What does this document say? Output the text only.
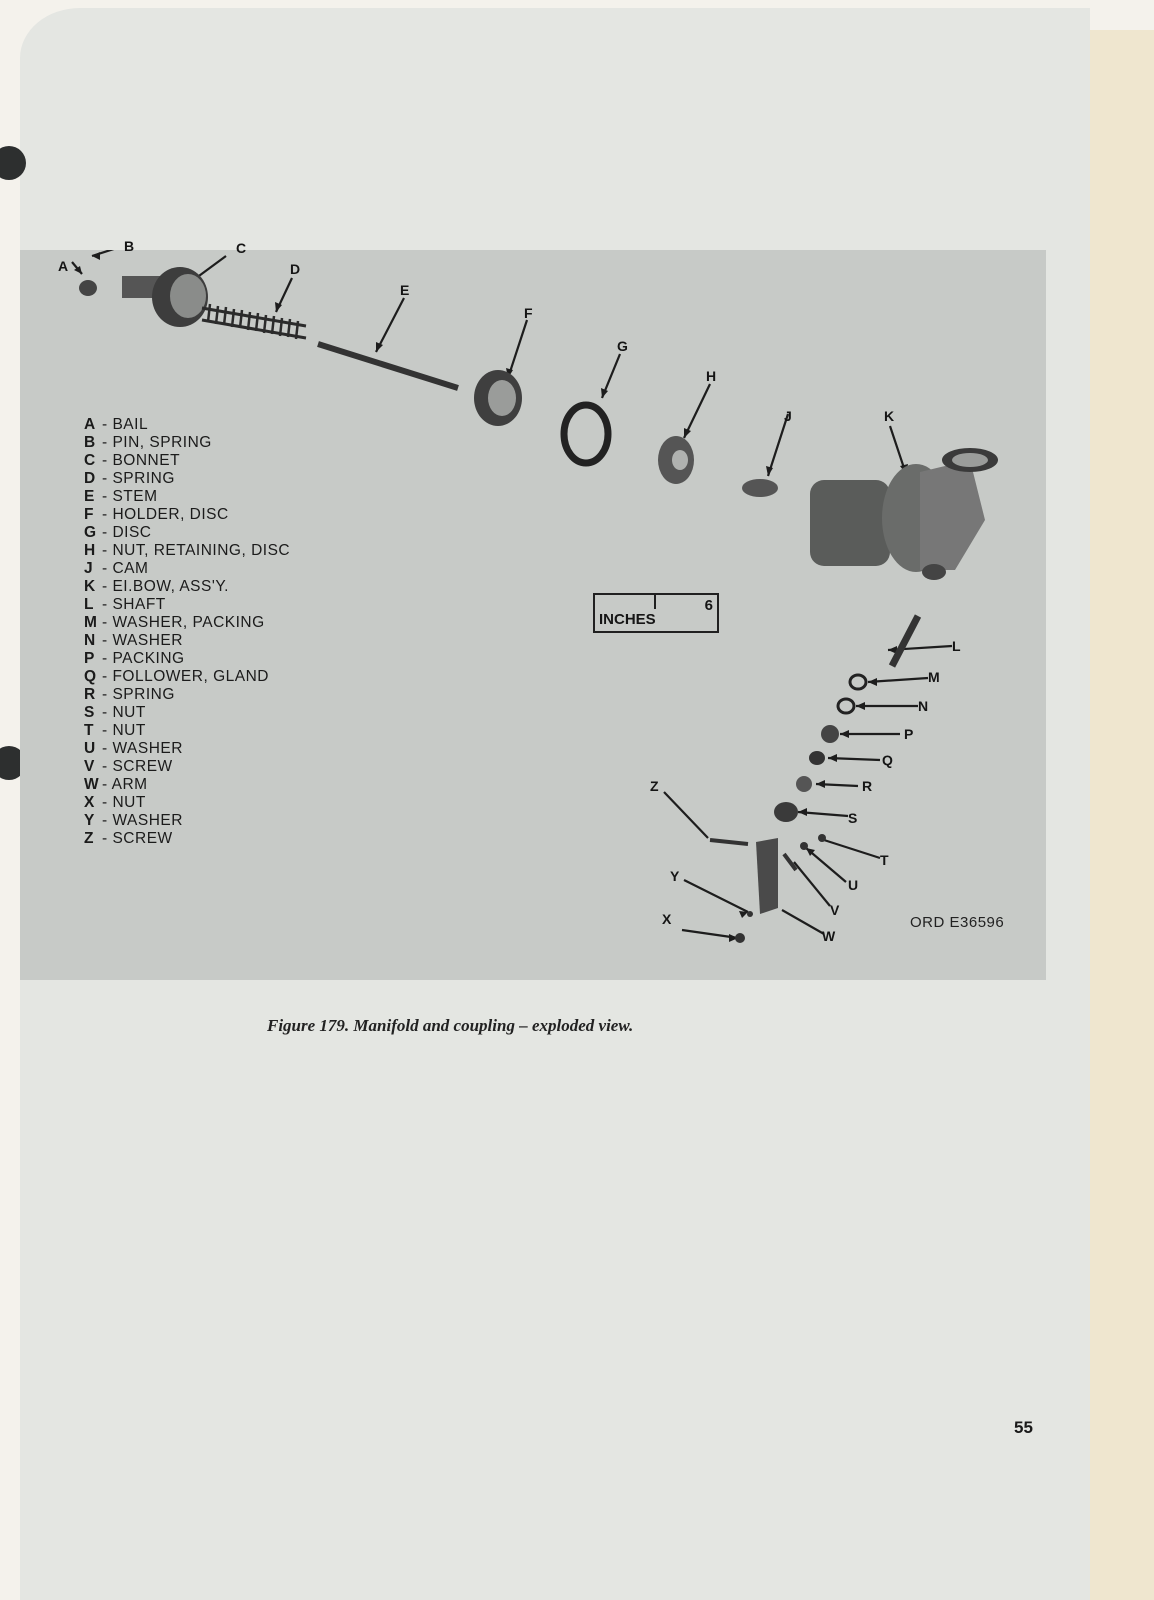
A
B	C
D
E
F
G
H
J	K
L
M
N
P
Q
R
S
T
U
V
W
X
Y
Z
A - BAIL
B - PIN, SPRING
C - BONNET
D - SPRING
E - STEM
F - HOLDER, DISC
G - DISC
H - NUT, RETAINING, DISC
J - CAM
K - EI.BOW, ASS'Y.
L - SHAFT
M - WASHER, PACKING
N - WASHER
P - PACKING
Q - FOLLOWER, GLAND
R - SPRING
S - NUT
T - NUT
U - WASHER
V - SCREW
W - ARM
X - NUT
Y - WASHER
Z - SCREW
INCHES
6
ORD E36596
Figure 179. Manifold and coupling – exploded view.
55
